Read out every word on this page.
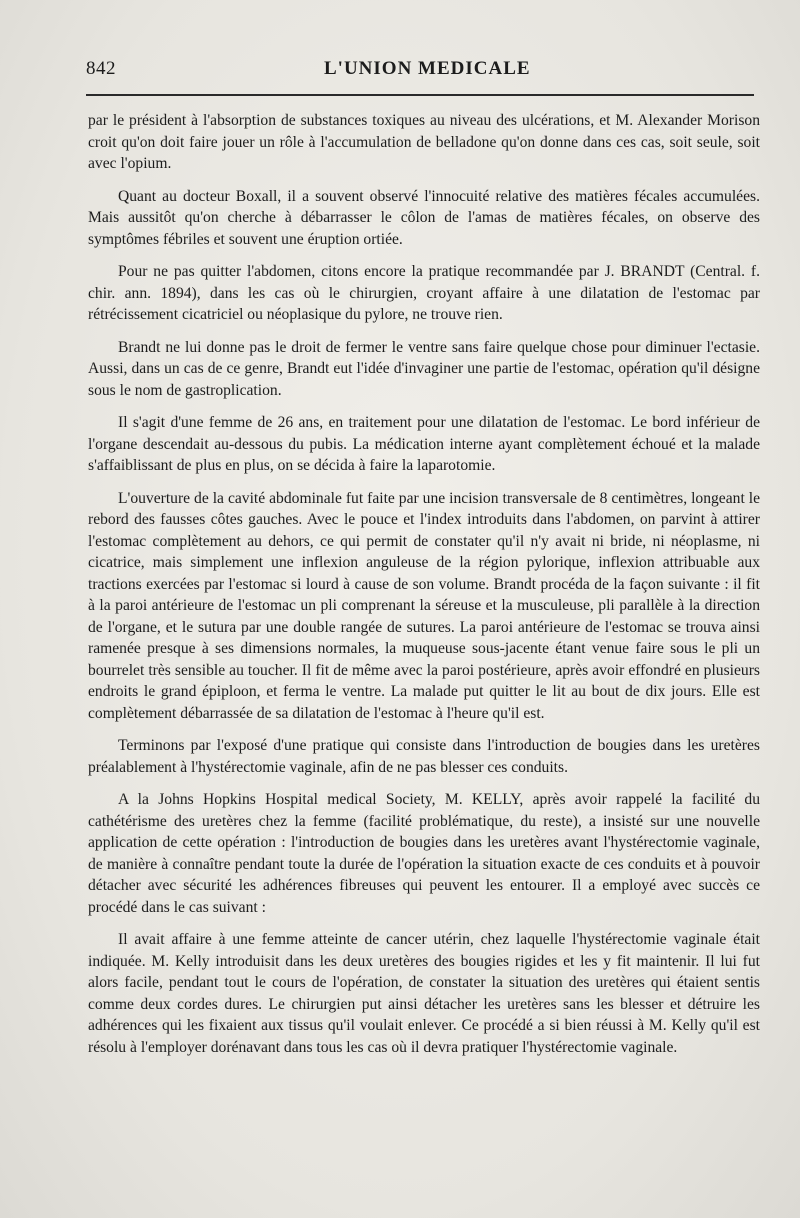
842	L'UNION MEDICALE

par le président à l'absorption de substances toxiques au niveau des ulcérations, et M. Alexander Morison croit qu'on doit faire jouer un rôle à l'accumulation de belladone qu'on donne dans ces cas, soit seule, soit avec l'opium.

Quant au docteur Boxall, il a souvent observé l'innocuité relative des matières fécales accumulées. Mais aussitôt qu'on cherche à débarrasser le côlon de l'amas de matières fécales, on observe des symptômes fébriles et souvent une éruption ortiée.

Pour ne pas quitter l'abdomen, citons encore la pratique recommandée par J. BRANDT (Central. f. chir. ann. 1894), dans les cas où le chirurgien, croyant affaire à une dilatation de l'estomac par rétrécissement cicatriciel ou néoplasique du pylore, ne trouve rien.

Brandt ne lui donne pas le droit de fermer le ventre sans faire quelque chose pour diminuer l'ectasie. Aussi, dans un cas de ce genre, Brandt eut l'idée d'invaginer une partie de l'estomac, opération qu'il désigne sous le nom de gastroplication.

Il s'agit d'une femme de 26 ans, en traitement pour une dilatation de l'estomac. Le bord inférieur de l'organe descendait au-dessous du pubis. La médication interne ayant complètement échoué et la malade s'affaiblissant de plus en plus, on se décida à faire la laparotomie.

L'ouverture de la cavité abdominale fut faite par une incision transversale de 8 centimètres, longeant le rebord des fausses côtes gauches. Avec le pouce et l'index introduits dans l'abdomen, on parvint à attirer l'estomac complètement au dehors, ce qui permit de constater qu'il n'y avait ni bride, ni néoplasme, ni cicatrice, mais simplement une inflexion anguleuse de la région pylorique, inflexion attribuable aux tractions exercées par l'estomac si lourd à cause de son volume. Brandt procéda de la façon suivante : il fit à la paroi antérieure de l'estomac un pli comprenant la séreuse et la musculeuse, pli parallèle à la direction de l'organe, et le sutura par une double rangée de sutures. La paroi antérieure de l'estomac se trouva ainsi ramenée presque à ses dimensions normales, la muqueuse sous-jacente étant venue faire sous le pli un bourrelet très sensible au toucher. Il fit de même avec la paroi postérieure, après avoir effondré en plusieurs endroits le grand épiploon, et ferma le ventre. La malade put quitter le lit au bout de dix jours. Elle est complètement débarrassée de sa dilatation de l'estomac à l'heure qu'il est.

Terminons par l'exposé d'une pratique qui consiste dans l'introduction de bougies dans les uretères préalablement à l'hystérectomie vaginale, afin de ne pas blesser ces conduits.

A la Johns Hopkins Hospital medical Society, M. KELLY, après avoir rappelé la facilité du cathétérisme des uretères chez la femme (facilité problématique, du reste), a insisté sur une nouvelle application de cette opération : l'introduction de bougies dans les uretères avant l'hystérectomie vaginale, de manière à connaître pendant toute la durée de l'opération la situation exacte de ces conduits et à pouvoir détacher avec sécurité les adhérences fibreuses qui peuvent les entourer. Il a employé avec succès ce procédé dans le cas suivant :

Il avait affaire à une femme atteinte de cancer utérin, chez laquelle l'hystérectomie vaginale était indiquée. M. Kelly introduisit dans les deux uretères des bougies rigides et les y fit maintenir. Il lui fut alors facile, pendant tout le cours de l'opération, de constater la situation des uretères qui étaient sentis comme deux cordes dures. Le chirurgien put ainsi détacher les uretères sans les blesser et détruire les adhérences qui les fixaient aux tissus qu'il voulait enlever. Ce procédé a si bien réussi à M. Kelly qu'il est résolu à l'employer dorénavant dans tous les cas où il devra pratiquer l'hystérectomie vaginale.
